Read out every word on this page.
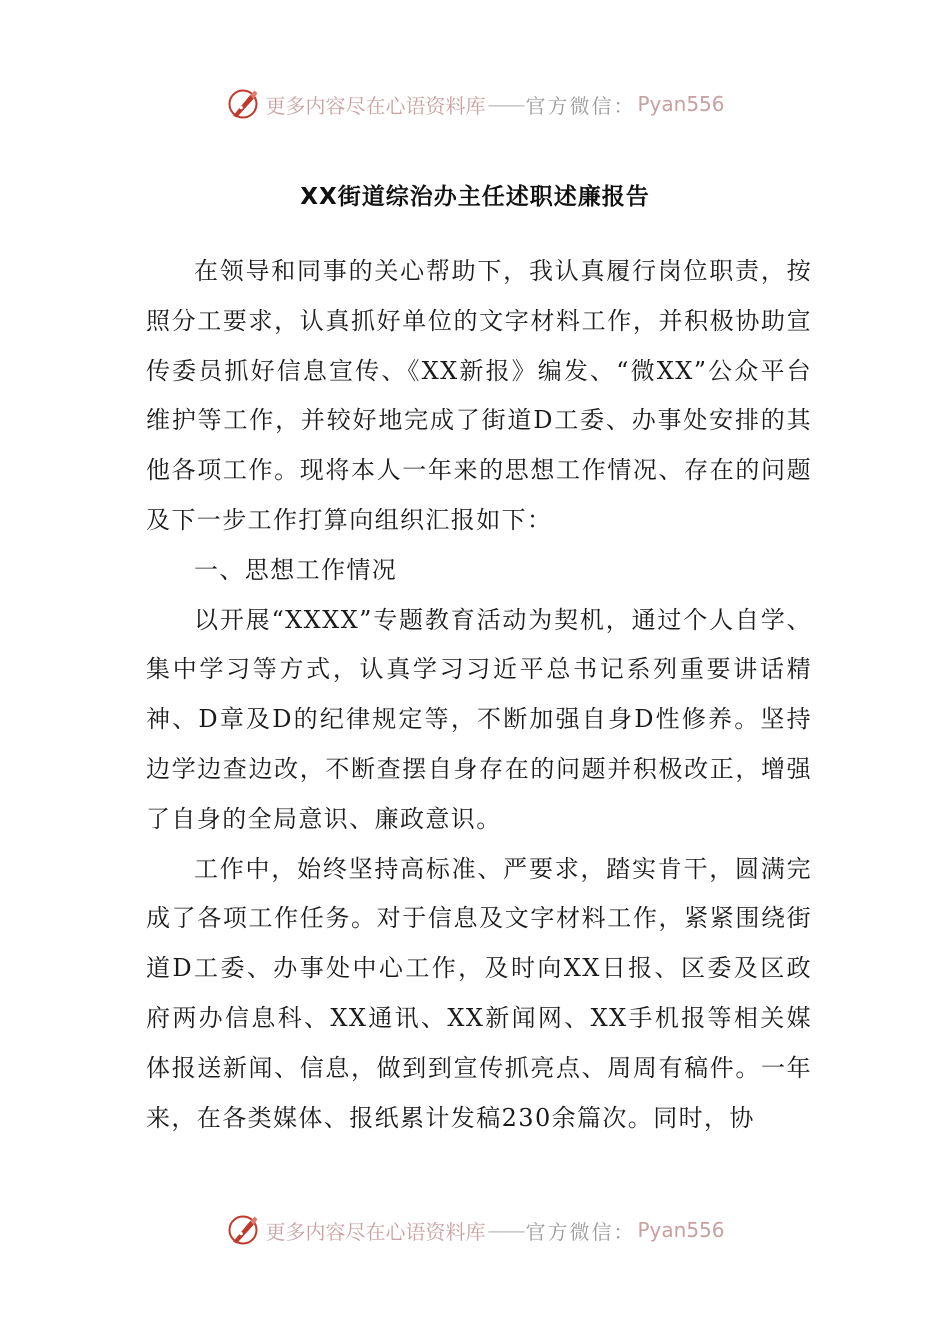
更多内容尽在心语资料库 —— 官方微信： Pyan556
XX街道综治办主任述职述廉报告

在领导和同事的关心帮助下，我认真履行岗位职责，按照分工要求，认真抓好单位的文字材料工作，并积极协助宣传委员抓好信息宣传、《XX新报》编发、“微XX”公众平台维护等工作，并较好地完成了街道D工委、办事处安排的其他各项工作。现将本人一年来的思想工作情况、存在的问题及下一步工作打算向组织汇报如下：

一、思想工作情况

以开展“XXXX”专题教育活动为契机，通过个人自学、集中学习等方式，认真学习习近平总书记系列重要讲话精神、D章及D的纪律规定等，不断加强自身D性修养。坚持边学边查边改，不断查摆自身存在的问题并积极改正，增强了自身的全局意识、廉政意识。

工作中，始终坚持高标准、严要求，踏实肯干，圆满完成了各项工作任务。对于信息及文字材料工作，紧紧围绕街道D工委、办事处中心工作，及时向XX日报、区委及区政府两办信息科、XX通讯、XX新闻网、XX手机报等相关媒体报送新闻、信息，做到到宣传抓亮点、周周有稿件。一年来，在各类媒体、报纸累计发稿230余篇次。同时，协

更多内容尽在心语资料库 —— 官方微信： Pyan556
